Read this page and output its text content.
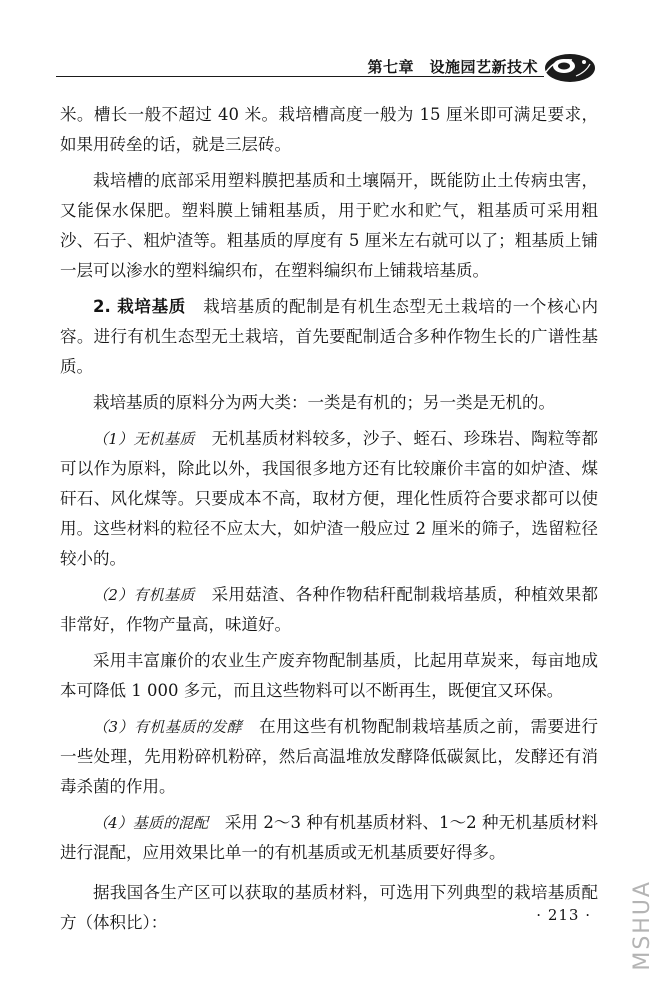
第七章　设施园艺新技术

米。槽长一般不超过 40 米。栽培槽高度一般为 15 厘米即可满足要求，如果用砖垒的话，就是三层砖。

栽培槽的底部采用塑料膜把基质和土壤隔开，既能防止土传病虫害，又能保水保肥。塑料膜上铺粗基质，用于贮水和贮气，粗基质可采用粗沙、石子、粗炉渣等。粗基质的厚度有 5 厘米左右就可以了；粗基质上铺一层可以渗水的塑料编织布，在塑料编织布上铺栽培基质。

2. 栽培基质　 栽培基质的配制是有机生态型无土栽培的一个核心内容。进行有机生态型无土栽培，首先要配制适合多种作物生长的广谱性基质。

栽培基质的原料分为两大类：一类是有机的；另一类是无机的。

（1）无机基质　 无机基质材料较多，沙子、蛭石、珍珠岩、陶粒等都可以作为原料，除此以外，我国很多地方还有比较廉价丰富的如炉渣、煤矸石、风化煤等。只要成本不高，取材方便，理化性质符合要求都可以使用。这些材料的粒径不应太大，如炉渣一般应过 2 厘米的筛子，选留粒径较小的。

（2）有机基质　 采用菇渣、各种作物秸秆配制栽培基质，种植效果都非常好，作物产量高，味道好。

采用丰富廉价的农业生产废弃物配制基质，比起用草炭来，每亩地成本可降低 1 000 多元，而且这些物料可以不断再生，既便宜又环保。

（3）有机基质的发酵　 在用这些有机物配制栽培基质之前，需要进行一些处理，先用粉碎机粉碎，然后高温堆放发酵降低碳氮比，发酵还有消毒杀菌的作用。

（4）基质的混配　 采用 2～3 种有机基质材料、1～2 种无机基质材料进行混配，应用效果比单一的有机基质或无机基质要好得多。

据我国各生产区可以获取的基质材料，可选用下列典型的栽培基质配方（体积比）：	· 213 · MSHUA
